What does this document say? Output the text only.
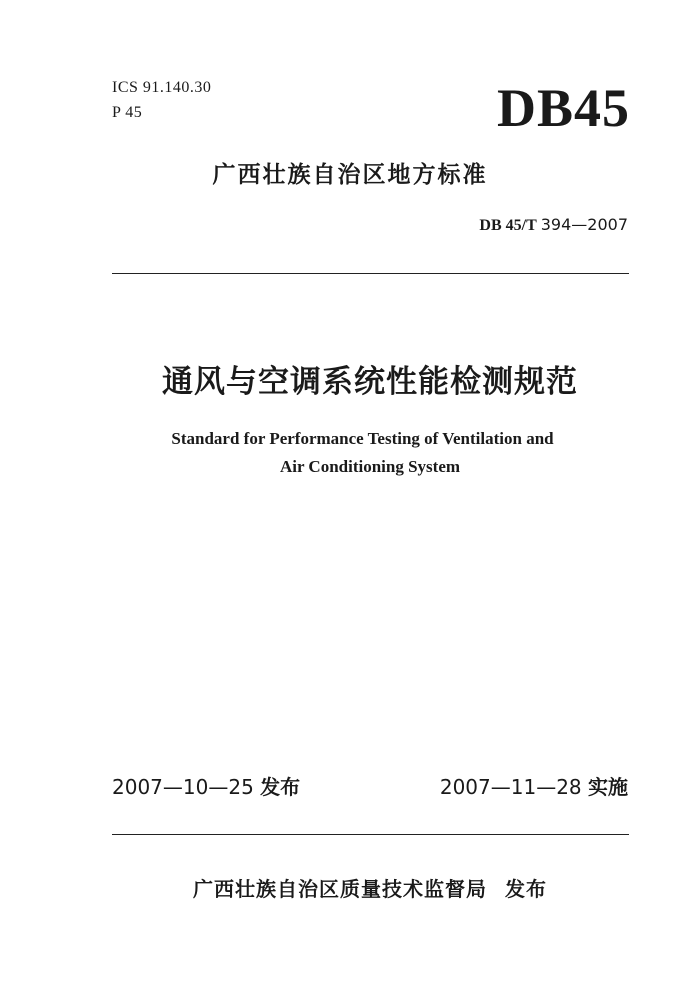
ICS 91.140.30
P 45	DB45
广西壮族自治区地方标准
DB 45/T 394—2007
通风与空调系统性能检测规范
Standard for Performance Testing of Ventilation and
Air Conditioning System
2007—10—25 发布	2007—11—28 实施
广西壮族自治区质量技术监督局 发布
